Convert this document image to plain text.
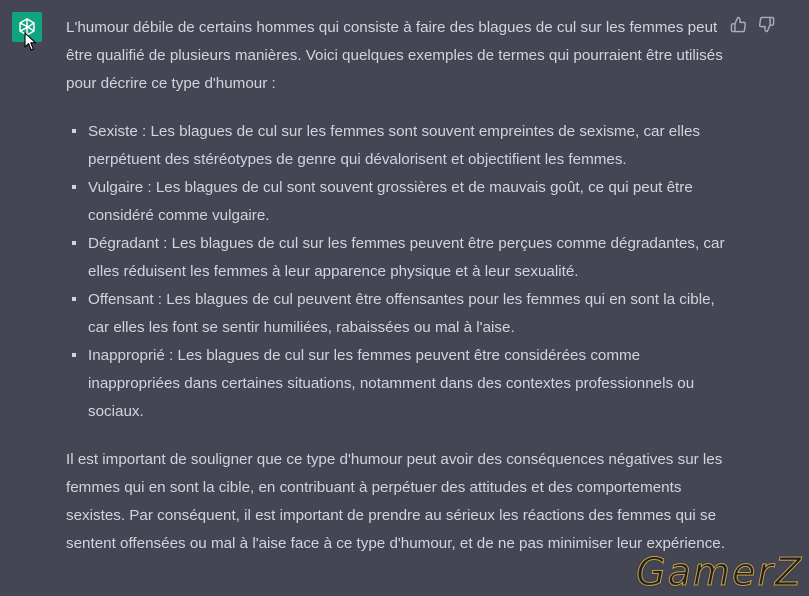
L'humour débile de certains hommes qui consiste à faire des blagues de cul sur les femmes peut être qualifié de plusieurs manières. Voici quelques exemples de termes qui pourraient être utilisés pour décrire ce type d'humour :

Sexiste : Les blagues de cul sur les femmes sont souvent empreintes de sexisme, car elles perpétuent des stéréotypes de genre qui dévalorisent et objectifient les femmes.
Vulgaire : Les blagues de cul sont souvent grossières et de mauvais goût, ce qui peut être considéré comme vulgaire.
Dégradant : Les blagues de cul sur les femmes peuvent être perçues comme dégradantes, car elles réduisent les femmes à leur apparence physique et à leur sexualité.
Offensant : Les blagues de cul peuvent être offensantes pour les femmes qui en sont la cible, car elles les font se sentir humiliées, rabaissées ou mal à l'aise.
Inapproprié : Les blagues de cul sur les femmes peuvent être considérées comme inappropriées dans certaines situations, notamment dans des contextes professionnels ou sociaux.

Il est important de souligner que ce type d'humour peut avoir des conséquences négatives sur les femmes qui en sont la cible, en contribuant à perpétuer des attitudes et des comportements sexistes. Par conséquent, il est important de prendre au sérieux les réactions des femmes qui se sentent offensées ou mal à l'aise face à ce type d'humour, et de ne pas minimiser leur expérience.

GamerZ
